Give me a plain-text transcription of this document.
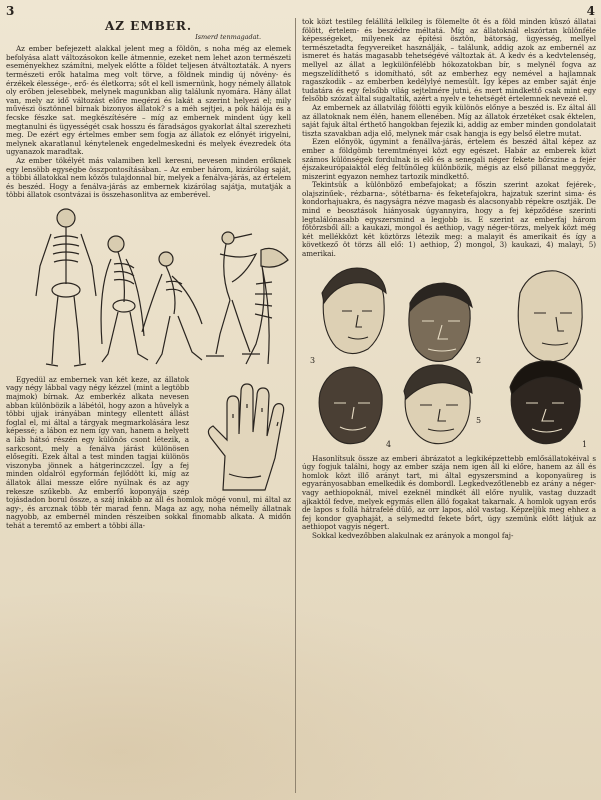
3	4
AZ EMBER.
Ismerd tenmagadat.

Az ember befejezett alakkal jelent meg a földön, s noha még az elemek befolyása alatt változásokon kelle átmennie, ezeket nem lehet azon természeti eseményekhez számítni, melyek előtte a földet teljesen átváltoztaták. A nyers természeti erők hatalma meg volt törve, a földnek mindig új növény- és érzékek élessége-, erő- és életkorra; sőt el kell ismernünk, hogy némely állatok oly erőben jelesebbek, melynek magunkban alig találunk nyomára. Hány állat van, mely az idő változást előre megérzi és lakát a szerint helyezi el; mily művészi ösztönnel bírnak bizonyos állatok? s a méh sejtjei, a pók hálója és a fecske fészke sat. megkészítésére – míg az embernek mindent úgy kell megtanulni és ügyességét csak hosszu és fáradságos gyakorlat által szerezheti meg. De ezért egy értelmes ember sem fogja az állatok ez előnyét irigyelni, melynek akaratlanul kénytelenek engedelmeskedni és melyek évezredek óta ugyanazok maradtak.

Az ember tökélyét más valamiben kell keresni, nevesen minden erőknek egy lensöbb egységbe összpontosításában. – Az ember három, kizárólag saját, a többi állatokkal nem közös tulajdonnal bír, melyek a fenálva-járás, az értelem és beszéd. Hogy a fenálva-járás az embernek kizárólag sajátja, mutatják a többi állatok csontvázai is összehasonlitva az emberével.

Egyedül az embernek van két keze, az állatok vagy négy lábbal vagy négy kézzel (mint a legtöbb majmok) bírnak. Az emberkéz alkata nevesen abban különbözik a lábétól, hogy azon a hüvelyk a többi ujjak irányában mintegy ellentett állást foglal el, mi által a tárgyak megmarkolására lesz képessé; a lábon ez nem így van, hanem a helyett a láb hátsó részén egy különös csont létezik, a sarkcsont, mely a fenálva járást különösen elősegíti. Ezek által a test minden tagjai különös viszonyba jönnek a hátgerinczczel. Így a fej minden oldalról egyformán fejlődött ki, míg az állatok állai messze előre nyúlnak és az agy rekesze szűkebb. Az emberfő koponyája szép tojásdadon borul össze, a száj inkább az áll és homlok mögé vonul, mi által az agy-, és arcznak több tér marad fenn. Maga az agy, noha némelly állatnak nagyobb, az embernél minden részeiben sokkal finomabb alkata. A midőn tehát a teremtő az embert a többi álla-

tok közt testileg felállítá lelkileg is fölemelte őt és a föld minden küszó állatai fölött, értelem- és beszédre méltatá. Míg az állatoknál elszórtan különféle képességeket, milyenek az építési ösztön, bátorság, ügyesség, mellyel természetadta fegyvereiket használják, – találunk, addig azok az embernél az ismeret és hatás magasabb tehetségévé változtak át. A kedv és a kedvtelenség, mellyel az állat a legkülönfélébb hókozatokban bír, s melynél fogva az megszelídíthető s idomítható, sőt az emberhez egy nemével a hajlamnak ragaszkodik – az emberben kedélylyé nemesült. Így képes az ember saját énje tudatára és egy felsőbb világ sejtelmére jutni, és mert mindkettő csak mint egy felsőbb szózat által sugaltatik, azért a nyelv e tehetségét értelemnek nevezé el.

Az embernek az állatvilág fölötti egyik különös előnye a beszéd is. Ez által áll az állatoknak nem élén, hanem ellenében. Míg az állatok érzetéket csak éktelen, saját fajuk által érthető hangokban fejezik ki, addig az ember minden gondolatait tiszta szavakban adja elő, melynek már csak hangja is egy belső életre mutat.

Ezen előnyök, úgymint a fenállva-járás, értelem és beszéd által képez az ember a földgömb teremtményei közt egy egészet. Habár az emberek közt számos különségek fordulnak is elő és a senegali néger fekete bőrszine a fejér éjszakeurópaiaktól elég feltűnőleg különbözik, mégis az első pillanat meggyőz, miszerint egyazon nemhez tartozik mindkettő.

Tekintsük a különböző embefajokat; a főszin szerint azokat fejérek-, olajszinűek-, rézbarna-, sötétbarna- és feketefajokra, hajzatuk szerint sima- és kondorhajuakra, és nagyságra nézve magasb és alacsonyabb répekre osztják. De mind e beosztások hiányosak úgyannyira, hogy a fej képződése szerinti legtalálónasabb egyszersmind a legjobb is. E szerint az emberfaj három főtörzsből áll: a kaukazi, mongol és aethiop, vagy néger-törzs, melyek közt még két mellékközt két köztörzs létezik meg: a malayit és amerikait és így a következő öt törzs áll elő: 1) aethiop, 2) mongol, 3) kaukazi, 4) malayi, 5) amerikai.

3	2
4
5
1

Hasonlítsuk össze az emberi ábrázatot a legkiképzettebb emlősállatokéival s úgy fogjuk találni, hogy az ember szája nem igen áll ki előre, hanem az áll és homlok közt illő arányt tart, mi által egyszersmind a koponyaüreg is egyarányosabban emelkedik és dombordl. Legkedvezőtlenebb ez arány a néger- vagy aethiopoknál, mivel ezeknél mindkét áll előre nyulik, vastag duzzadt ajkaktól fedve, melyek egymás ellen álló fogakat takarnak. A homlok ugyan erős de lapos s follá hátrafelé dűlő, az orr lapos, alól vastag. Képzeljük meg ehhez a fej kondor gyaphaját, a selymedtd fekete bőrt, úgy szemünk előtt látjuk az aethiopot vagyis négert.

Sokkal kedvezőbben alakulnak ez arányok a mongol faj-
